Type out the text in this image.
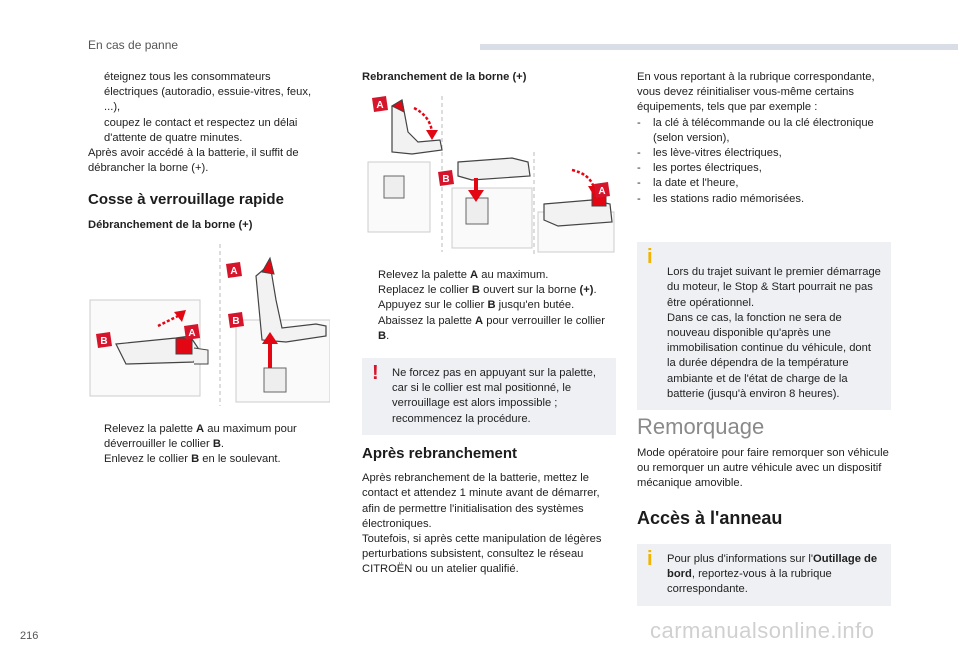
En cas de panne
216	carmanualsonline.info

éteignez tous les consommateurs électriques (autoradio, essuie-vitres, feux, ...),

coupez le contact et respectez un délai d'attente de quatre minutes.

Après avoir accédé à la batterie, il suffit de débrancher la borne (+).

Cosse à verrouillage rapide
Débranchement de la borne (+)
A
A
B
B

Relevez la palette A au maximum pour déverrouiller le collier B.

Enlevez le collier B en le soulevant.

Rebranchement de la borne (+)
A
B
A

Relevez la palette A au maximum.

Replacez le collier B ouvert sur la borne (+).

Appuyez sur le collier B jusqu'en butée.

Abaissez la palette A pour verrouiller le collier B.

! Ne forcez pas en appuyant sur la palette, car si le collier est mal positionné, le verrouillage est alors impossible ; recommencez la procédure.
Après rebranchement

Après rebranchement de la batterie, mettez le contact et attendez 1 minute avant de démarrer, afin de permettre l'initialisation des systèmes électroniques.
Toutefois, si après cette manipulation de légères perturbations subsistent, consultez le réseau CITROËN ou un atelier qualifié.

En vous reportant à la rubrique correspondante, vous devez réinitialiser vous-même certains équipements, tels que par exemple :

- la clé à télécommande ou la clé électronique (selon version),

- les lève-vitres électriques,

- les portes électriques,

- la date et l'heure,

- les stations radio mémorisées.

i
Lors du trajet suivant le premier démarrage du moteur, le Stop & Start pourrait ne pas être opérationnel.
Dans ce cas, la fonction ne sera de nouveau disponible qu'après une immobilisation continue du véhicule, dont la durée dépendra de la température ambiante et de l'état de charge de la batterie (jusqu'à environ 8 heures).

Remorquage

Mode opératoire pour faire remorquer son véhicule ou remorquer un autre véhicule avec un dispositif mécanique amovible.

Accès à l'anneau
i Pour plus d'informations sur l'Outillage de bord, reportez-vous à la rubrique correspondante.
